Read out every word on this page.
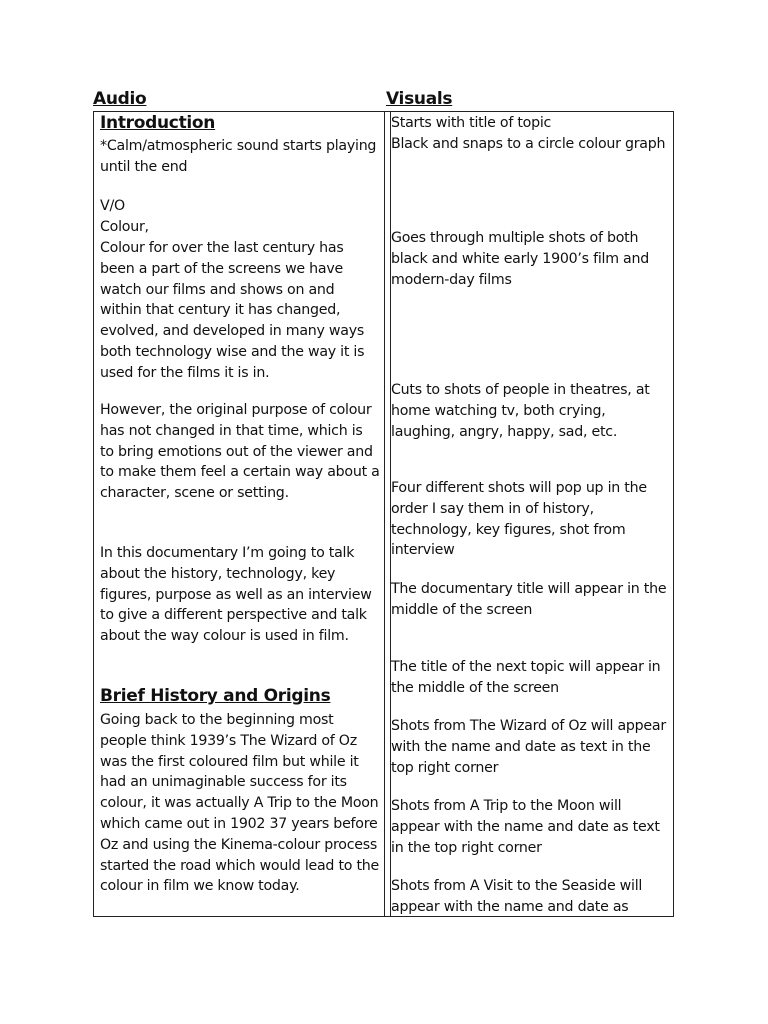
Audio	Visuals
Introduction
*Calm/atmospheric sound starts playing until the end
V/O
Colour,
Colour for over the last century has been a part of the screens we have watch our films and shows on and within that century it has changed, evolved, and developed in many ways both technology wise and the way it is used for the films it is in.
However, the original purpose of colour has not changed in that time, which is to bring emotions out of the viewer and to make them feel a certain way about a character, scene or setting.
In this documentary I’m going to talk about the history, technology, key figures, purpose as well as an interview to give a different perspective and talk about the way colour is used in film.
Brief History and Origins
Going back to the beginning most people think 1939’s The Wizard of Oz was the first coloured film but while it had an unimaginable success for its colour, it was actually A Trip to the Moon which came out in 1902 37 years before Oz and using the Kinema-colour process started the road which would lead to the colour in film we know today.
Starts with title of topic
Black and snaps to a circle colour graph
Goes through multiple shots of both black and white early 1900’s film and modern-day films
Cuts to shots of people in theatres, at home watching tv, both crying, laughing, angry, happy, sad, etc.
Four different shots will pop up in the order I say them in of history, technology, key figures, shot from interview
The documentary title will appear in the middle of the screen
The title of the next topic will appear in the middle of the screen
Shots from The Wizard of Oz will appear with the name and date as text in the top right corner
Shots from A Trip to the Moon will appear with the name and date as text in the top right corner
Shots from A Visit to the Seaside will appear with the name and date as
